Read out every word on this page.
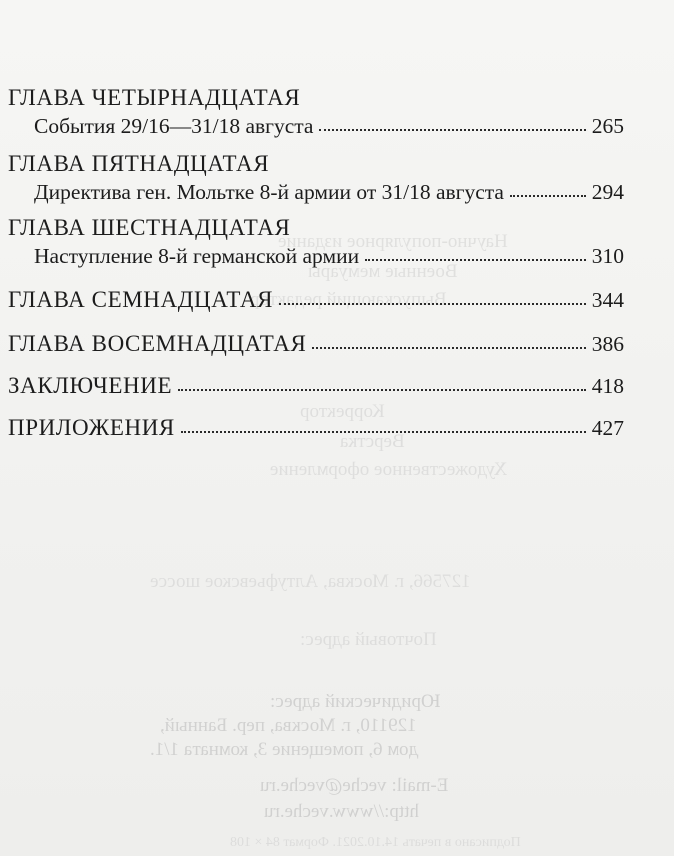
Научно-популярное издание
Военные мемуары
Выпускающий редактор
Корректор
Верстка
Художественное оформление
127566, г. Москва, Алтуфьевское шоссе
Почтовый адрес:
Юридический адрес:
129110, г. Москва, пер. Банный,
дом 6, помещение 3, комната 1/1.
E-mail: veche@veche.ru
http://www.veche.ru
Подписано в печать 14.10.2021. Формат 84 × 108
ГЛАВА ЧЕТЫРНАДЦАТАЯ
События 29/16—31/18 августа	265
ГЛАВА ПЯТНАДЦАТАЯ
Директива ген. Мольтке 8-й армии от 31/18 августа	294
ГЛАВА ШЕСТНАДЦАТАЯ
Наступление 8-й германской армии	310
ГЛАВА СЕМНАДЦАТАЯ	344
ГЛАВА ВОСЕМНАДЦАТАЯ	386
ЗАКЛЮЧЕНИЕ	418
ПРИЛОЖЕНИЯ	427
